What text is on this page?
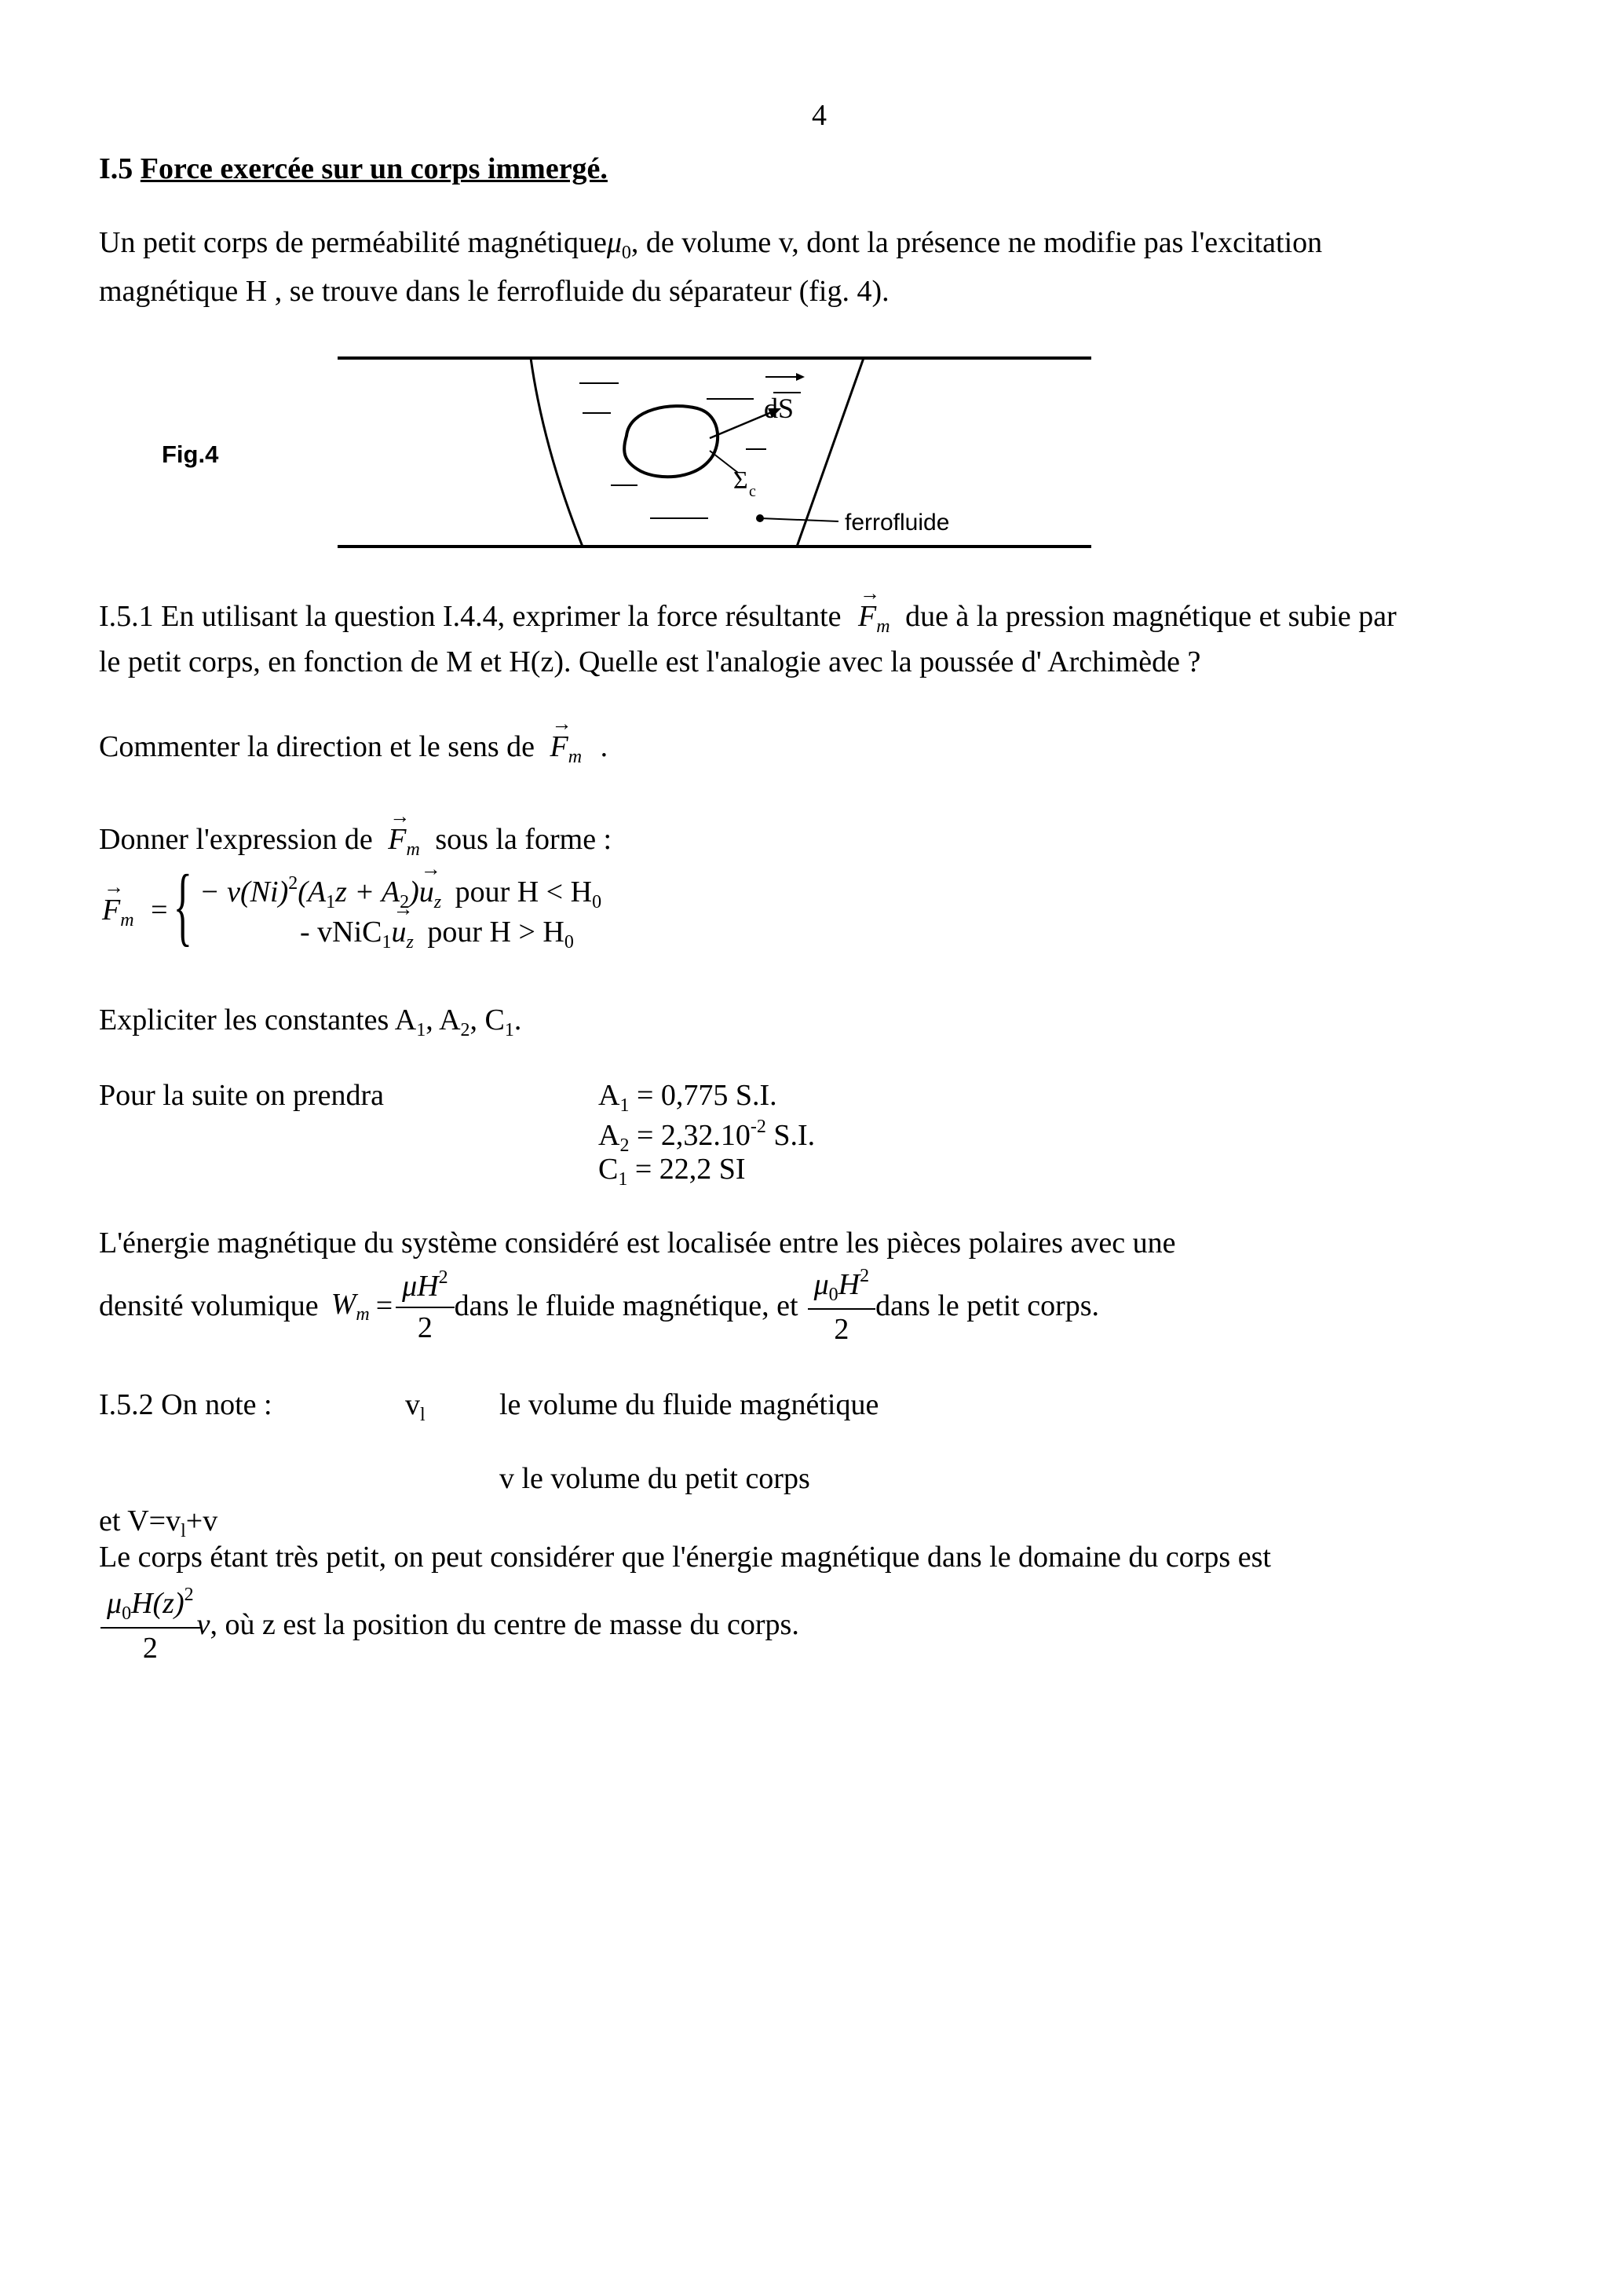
4
I.5 Force exercée sur un corps immergé.
Un petit corps de perméabilité magnétiqueμ$_0$, de volume v, dont la présence ne modifie pas l'excitation
magnétique H , se trouve dans le ferrofluide du séparateur (fig. 4).
Fig.4
dS
Σ c
ferrofluide
I.5.1 En utilisant la question I.4.4, exprimer la force résultante → $F_m$ due à la pression magnétique et subie par
le petit corps, en fonction de M et H(z). Quelle est l'analogie avec la poussée d' Archimède ?
Commenter la direction et le sens de → $F_m$ .
Donner l'expression de → $F_m$ sous la forme :
→ $F_m$ = { − $v(Ni)^2(A_1z + A_2)\to u_z$ pour $H < H_0$
- vNiC$_1$→ $u_z$ pour $H > H_0$
Expliciter les constantes $A_1$, $A_2$, $C_1$.
Pour la suite on prendra	$A_1 = 0,775$ S.I.
$A_2 = 2,32.10^{-2}$ S.I.
$C_1 = 22,2$ SI
L'énergie magnétique du système considéré est localisée entre les pièces polaires avec une
densité volumique $W_m = \frac{\mu H^2}{2}$ dans le fluide magnétique, et $\frac{\mu_0H^2}{2}$ dans le petit corps.
I.5.2 On note :	$v_l$ le volume du fluide magnétique
v le volume du petit corps
et $V=v_l+v$
Le corps étant très petit, on peut considérer que l'énergie magnétique dans le domaine du corps est
$\frac{\mu_0H(z)^2}{2}$ v , où z est la position du centre de masse du corps.
